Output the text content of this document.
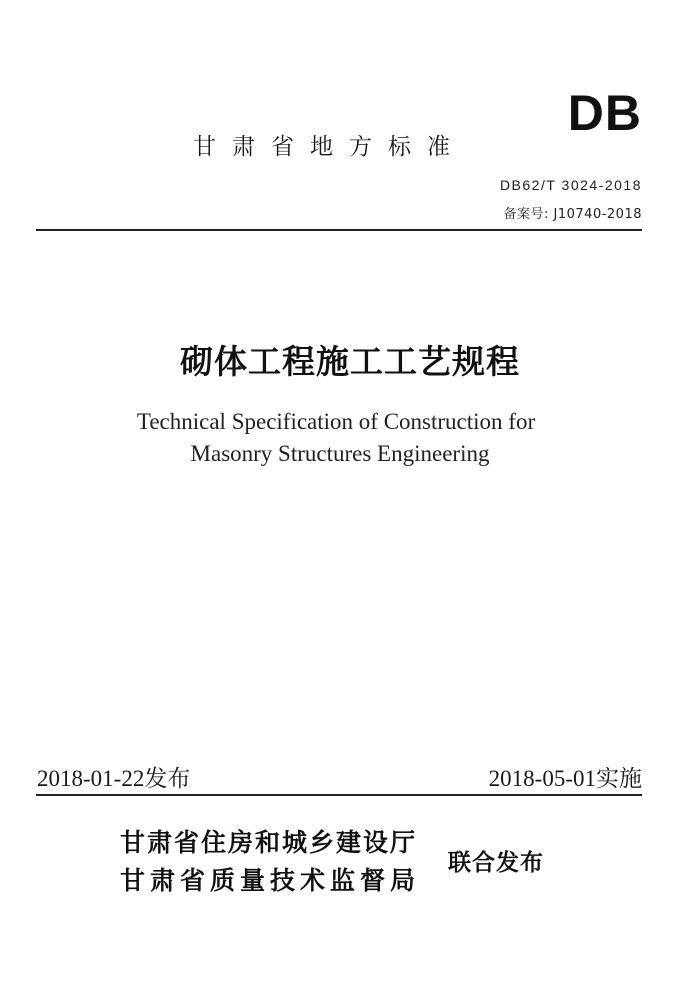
甘肃省地方标准
DB
DB62/T 3024-2018
备案号: J10740-2018
砌体工程施工工艺规程
Technical Specification of Construction for
Masonry Structures Engineering
2018-01-22发布	2018-05-01实施
甘肃省住房和城乡建设厅
甘肃省质量技术监督局
联合发布
